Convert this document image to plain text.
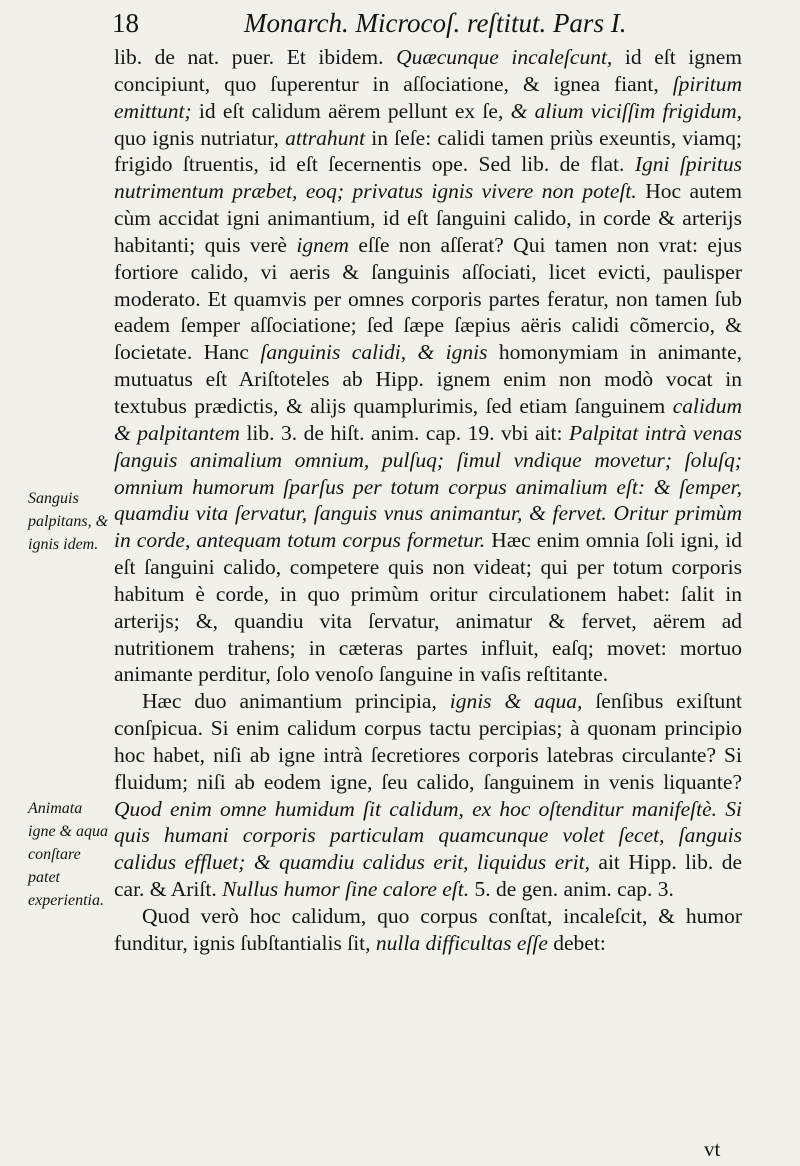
18	Monarch. Microcoſ. reſtitut. Pars I.

lib. de nat. puer. Et ibidem. Quæcunque incaleſcunt, id eſt ignem concipiunt, quo ſuperentur in aſſociatione, & ignea fiant, ſpiritum emittunt; id eſt calidum aërem pellunt ex ſe, & alium viciſſim frigidum, quo ignis nutriatur, attrahunt in ſeſe: calidi tamen priùs exeuntis, viamq; frigido ſtruentis, id eſt ſecernentis ope. Sed lib. de flat. Igni ſpiritus nutrimentum præbet, eoq; privatus ignis vivere non poteſt. Hoc autem cùm accidat igni animantium, id eſt ſanguini calido, in corde & arterijs habitanti; quis verè ignem eſſe non aſſerat? Qui tamen non vrat: ejus fortiore calido, vi aeris & ſanguinis aſſociati, licet evicti, paulisper moderato. Et quamvis per omnes corporis partes feratur, non tamen ſub eadem ſemper aſſociatione; ſed ſæpe ſæpius aëris calidi cõmercio, & ſocietate. Hanc ſanguinis calidi, & ignis homonymiam in animante, mutuatus eſt Ariſtoteles ab Hipp. ignem enim non modò vocat in textubus prædictis, & alijs quamplurimis, ſed etiam ſanguinem calidum & palpitantem lib. 3. de hiſt. anim. cap. 19. vbi ait: Palpitat intrà venas ſanguis animalium omnium, pulſuq; ſimul vndique movetur; ſoluſq; omnium humorum ſparſus per totum corpus animalium eſt: & ſemper, quamdiu vita ſervatur, ſanguis vnus animantur, & fervet. Oritur primùm in corde, antequam totum corpus formetur. Hæc enim omnia ſoli igni, id eſt ſanguini calido, competere quis non videat; qui per totum corporis habitum è corde, in quo primùm oritur circulationem habet: ſalit in arterijs; &, quandiu vita ſervatur, animatur & fervet, aërem ad nutritionem trahens; in cæteras partes influit, eaſq; movet: mortuo animante perditur, ſolo venoſo ſanguine in vaſis reſtitante.

Hæc duo animantium principia, ignis & aqua, ſenſibus exiſtunt conſpicua. Si enim calidum corpus tactu percipias; à quonam principio hoc habet, niſi ab igne intrà ſecretiores corporis latebras circulante? Si fluidum; niſi ab eodem igne, ſeu calido, ſanguinem in venis liquante? Quod enim omne humidum ſit calidum, ex hoc oſtenditur manifeſtè. Si quis humani corporis particulam quamcunque volet ſecet, ſanguis calidus effluet; & quamdiu calidus erit, liquidus erit, ait Hipp. lib. de car. & Ariſt. Nullus humor ſine calore eſt. 5. de gen. anim. cap. 3.

Quod verò hoc calidum, quo corpus conſtat, incaleſcit, & humor funditur, ignis ſubſtantialis ſit, nulla difficultas eſſe debet:

Sanguis palpitans, & ignis idem.
Animata igne & aqua conſtare patet experientia.
vt
